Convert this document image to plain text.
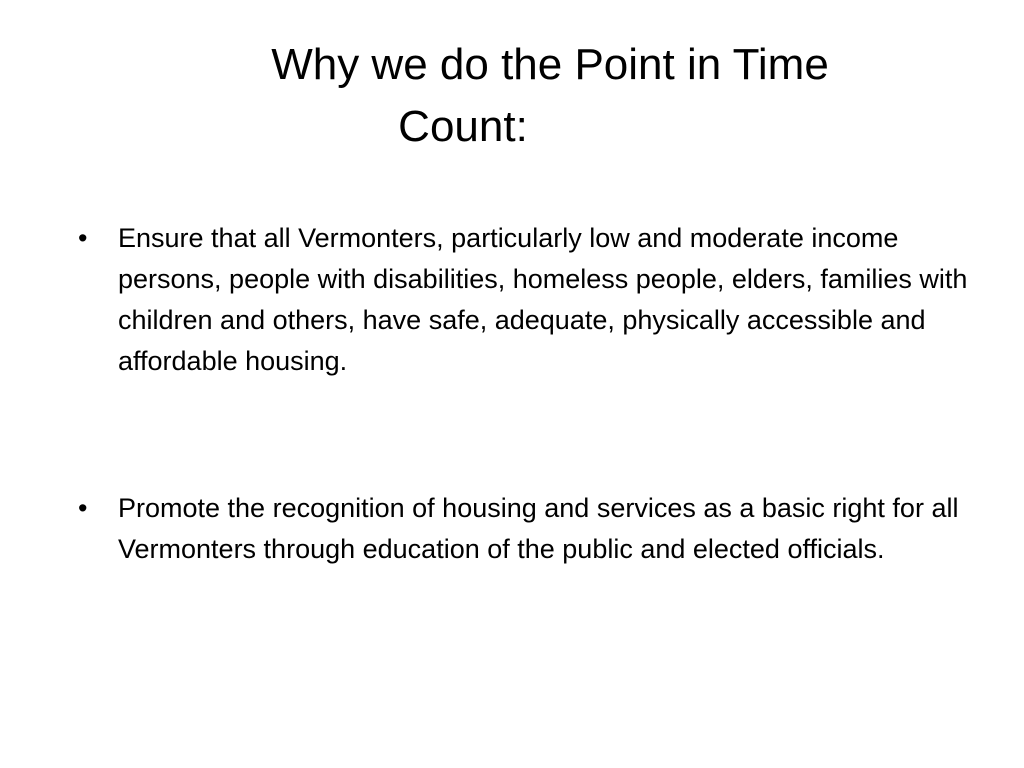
Why we do the Point in Time
Count:
• Ensure that all Vermonters, particularly low and moderate income persons, people with disabilities, homeless people, elders, families with children and others, have safe, adequate, physically accessible and affordable housing.
• Promote the recognition of housing and services as a basic right for all Vermonters through education of the public and elected officials.
